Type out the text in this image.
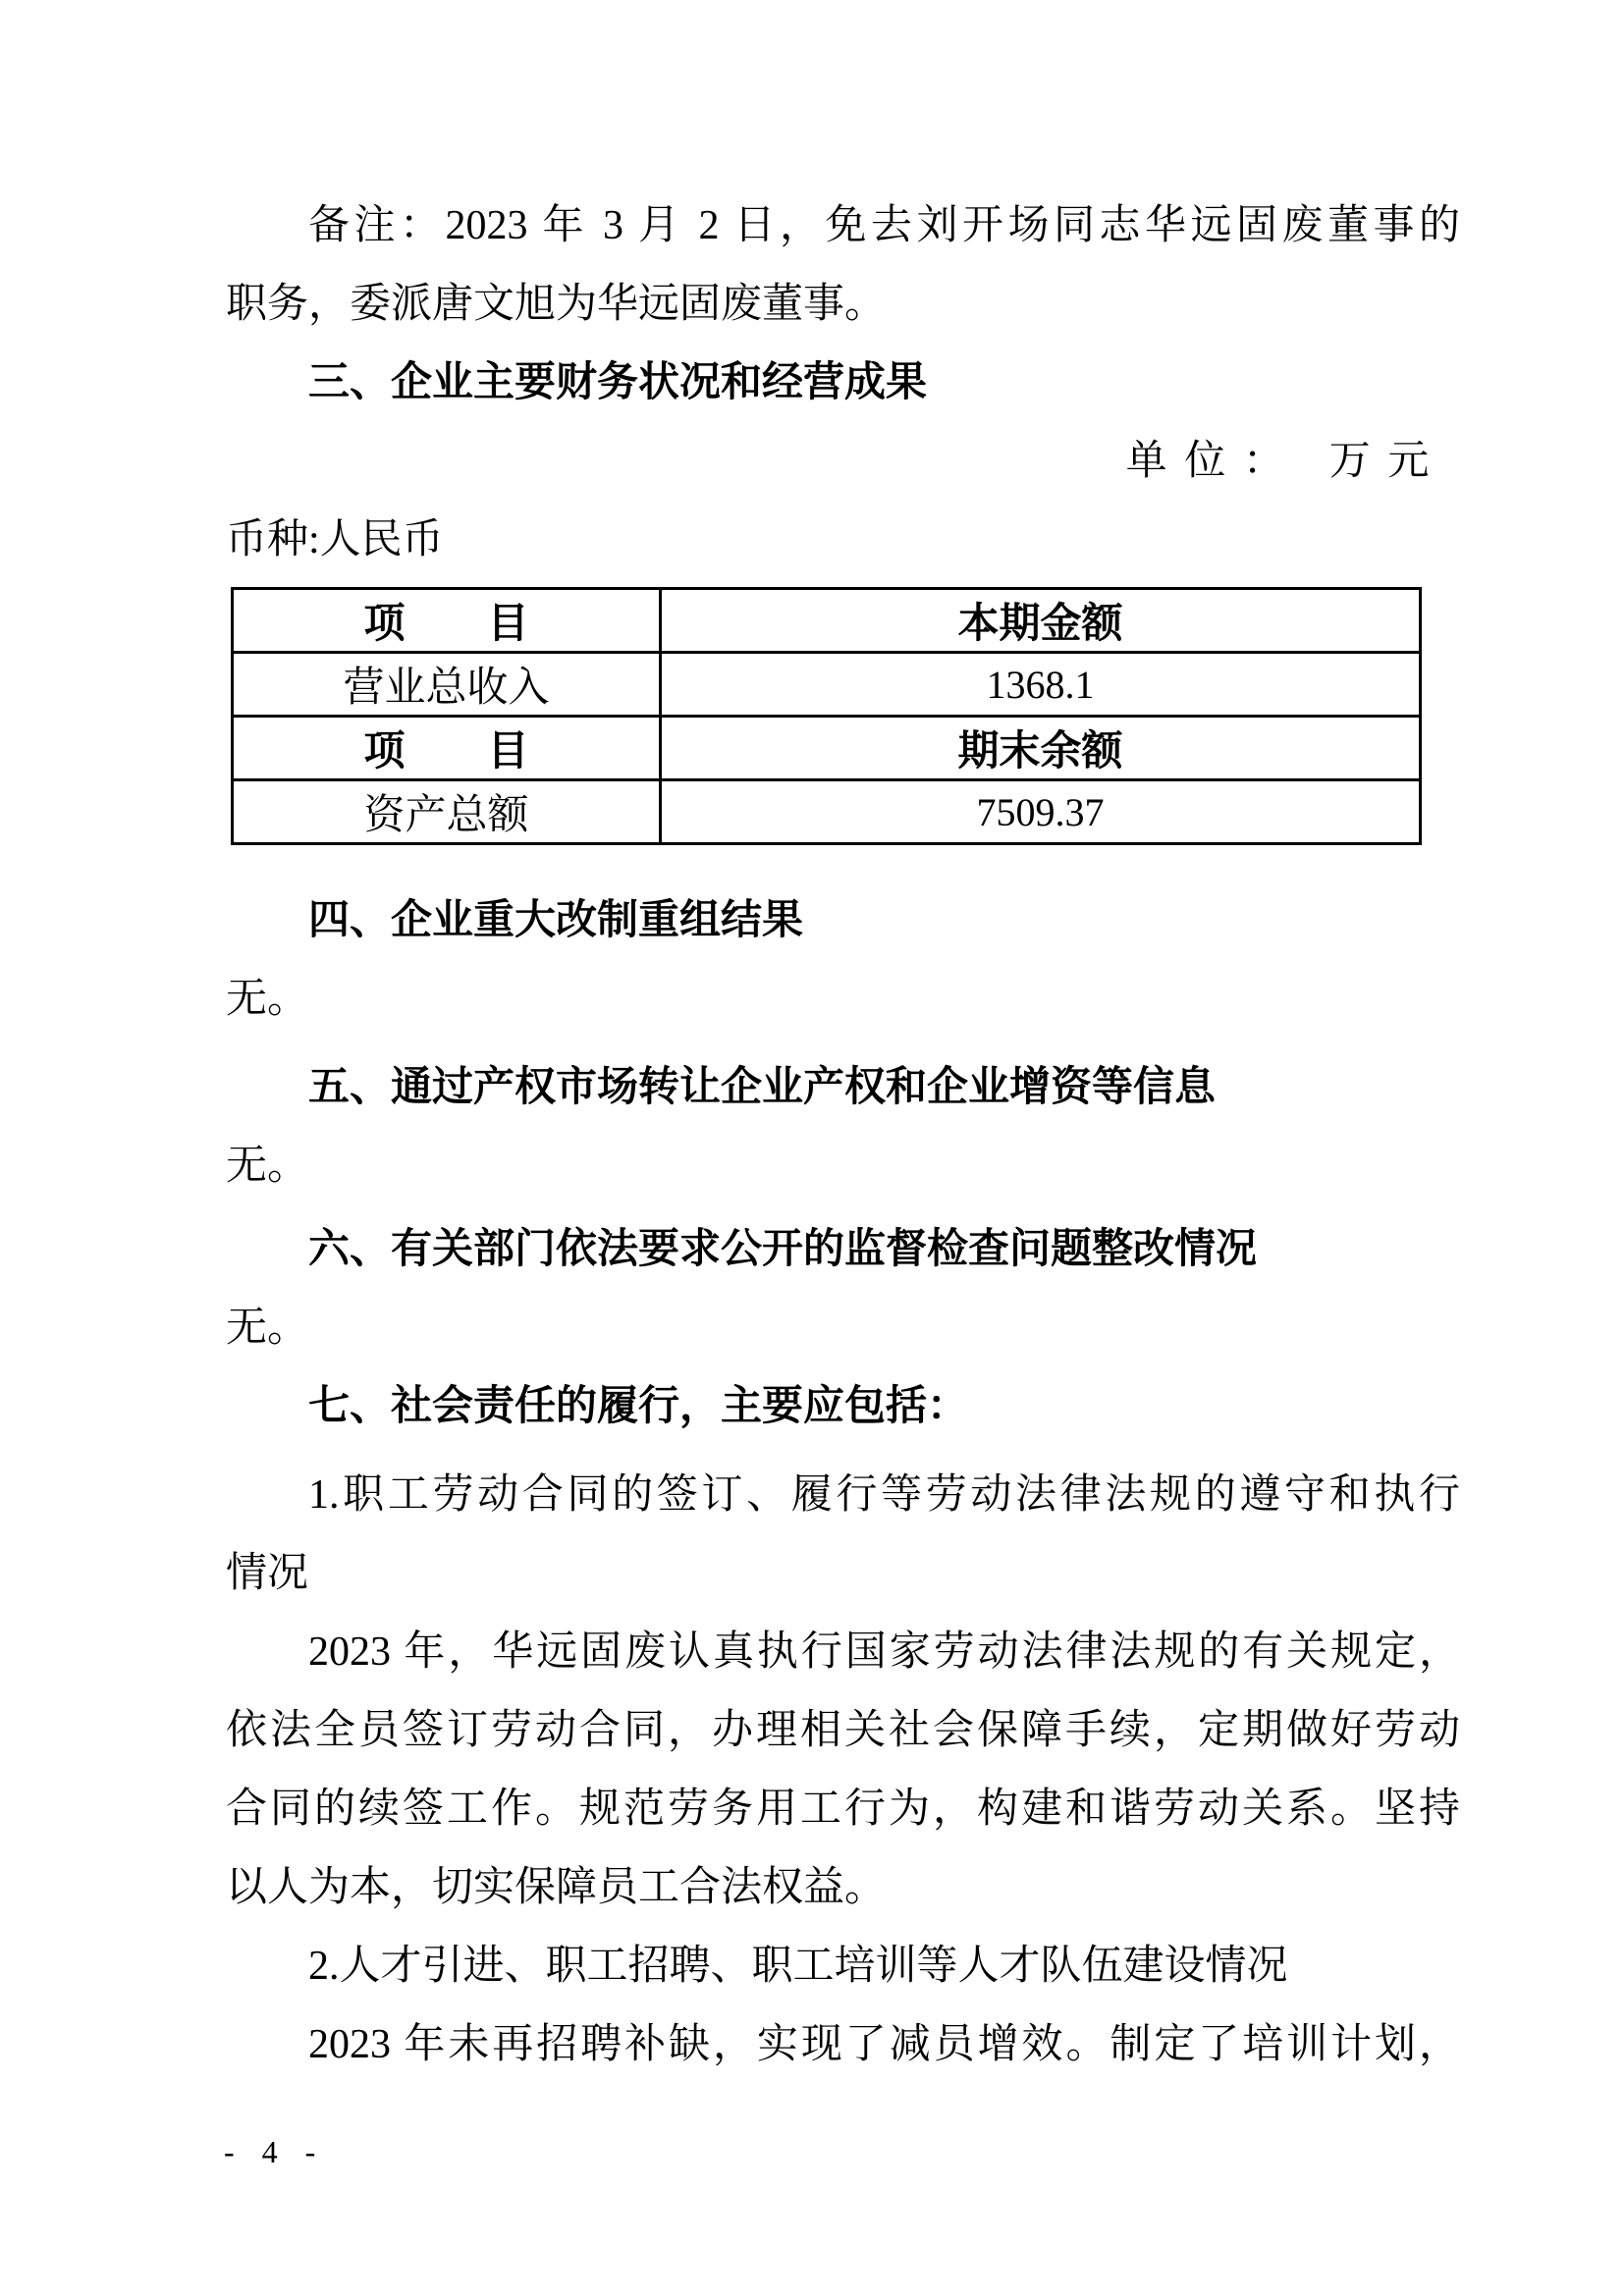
备注：2023 年 3 月 2 日，免去刘开场同志华远固废董事的
职务，委派唐文旭为华远固废董事。
三、企业主要财务状况和经营成果
单位： 万元
币种:人民币
项　　目	本期金额
营业总收入	1368.1
项　　目	期末余额
资产总额	7509.37
四、企业重大改制重组结果
无。
五、通过产权市场转让企业产权和企业增资等信息
无。
六、有关部门依法要求公开的监督检查问题整改情况
无。
七、社会责任的履行，主要应包括：
1.职工劳动合同的签订、履行等劳动法律法规的遵守和执行
情况
2023 年，华远固废认真执行国家劳动法律法规的有关规定，
依法全员签订劳动合同，办理相关社会保障手续，定期做好劳动
合同的续签工作。规范劳务用工行为，构建和谐劳动关系。坚持
以人为本，切实保障员工合法权益。
2.人才引进、职工招聘、职工培训等人才队伍建设情况
2023 年未再招聘补缺，实现了减员增效。制定了培训计划，
- 4 -
